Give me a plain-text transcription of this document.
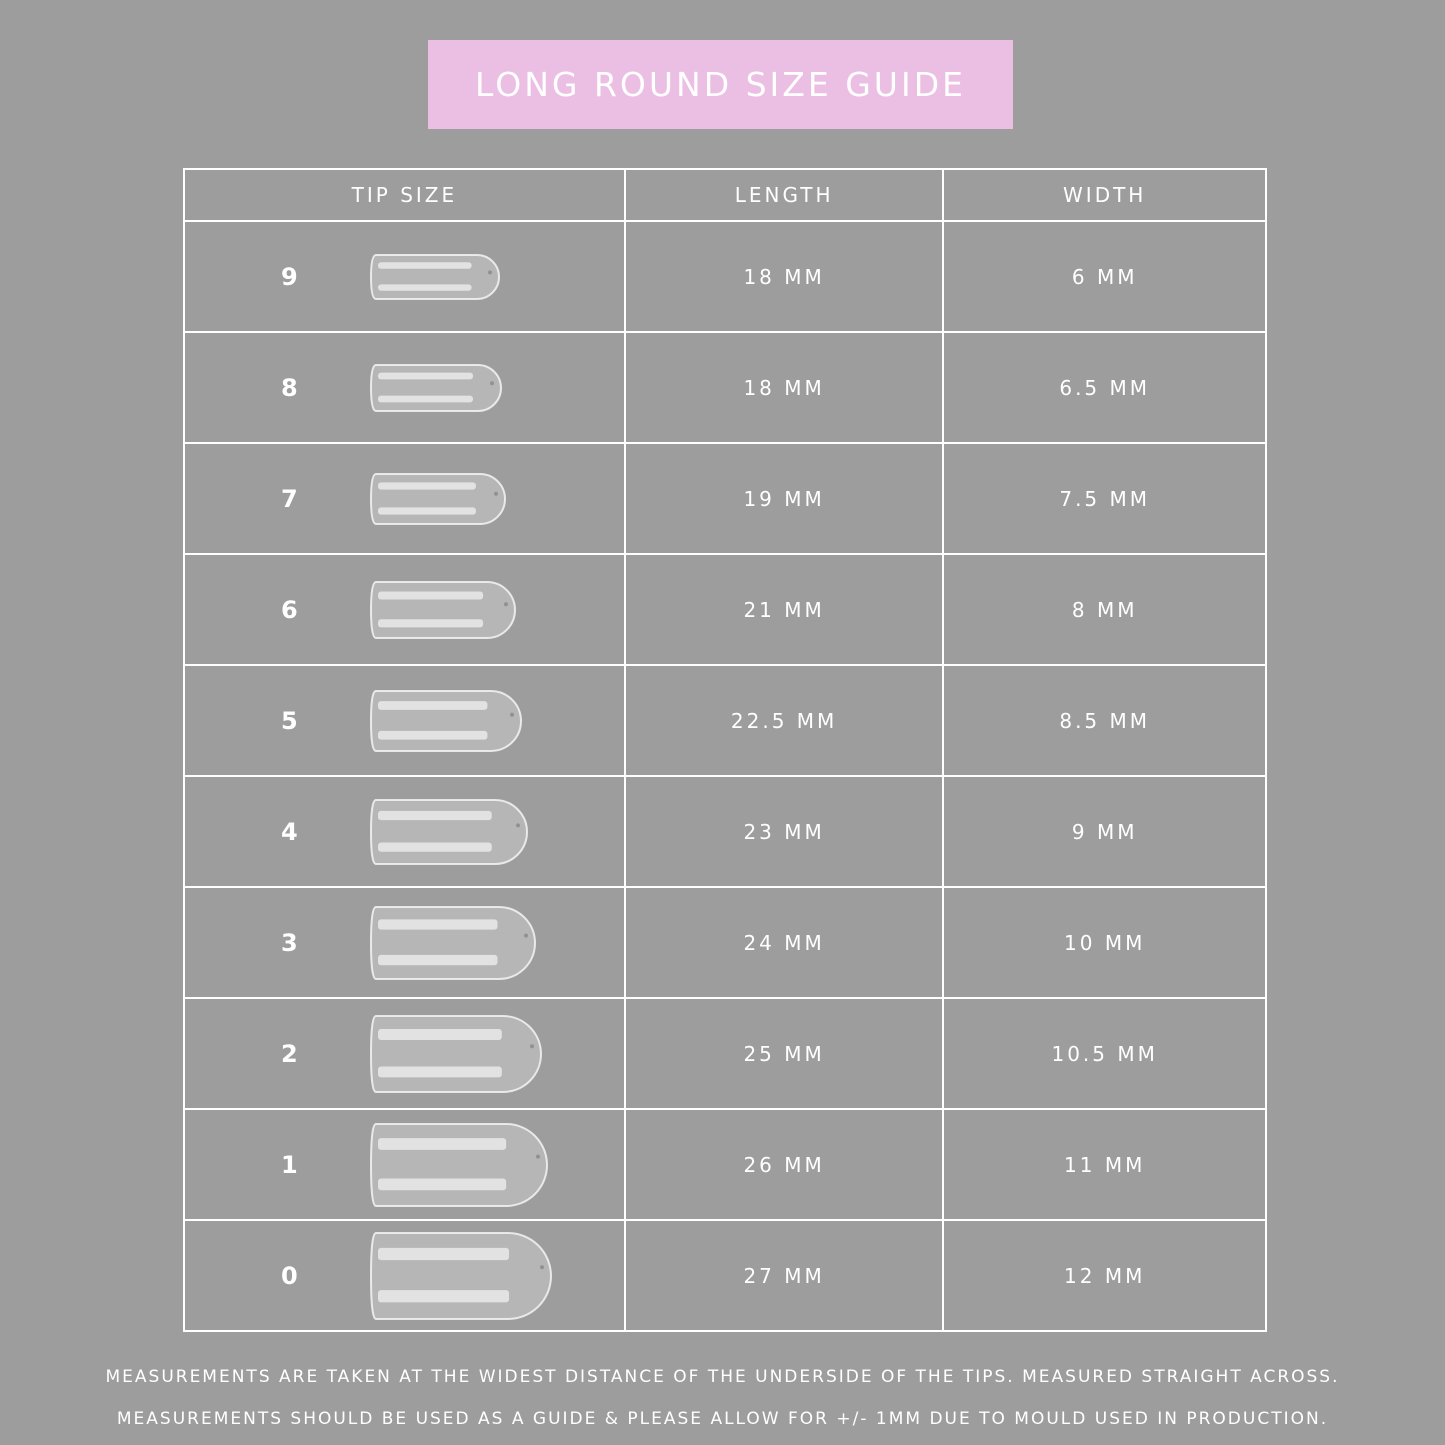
LONG ROUND SIZE GUIDE
TIP SIZE	LENGTH	WIDTH

9	18 MM	6 MM

8	18 MM	6.5 MM

7	19 MM	7.5 MM

6	21 MM	8 MM

5	22.5 MM	8.5 MM

4	23 MM	9 MM

3	24 MM	10 MM

2	25 MM	10.5 MM

1	26 MM	11 MM

0	27 MM	12 MM
MEASUREMENTS ARE TAKEN AT THE WIDEST DISTANCE OF THE UNDERSIDE OF THE TIPS. MEASURED STRAIGHT ACROSS.
MEASUREMENTS SHOULD BE USED AS A GUIDE & PLEASE ALLOW FOR +/- 1MM DUE TO MOULD USED IN PRODUCTION.
